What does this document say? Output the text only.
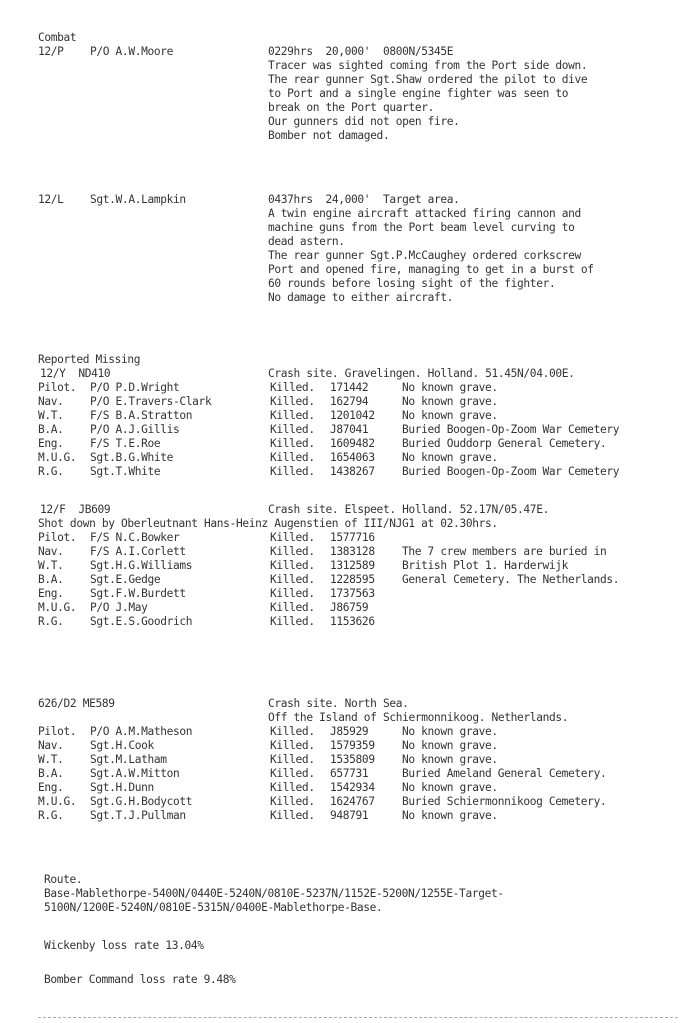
Combat
12/P P/O A.W.Moore	0229hrs  20,000'  0800N/5345E
Tracer was sighted coming from the Port side down.
The rear gunner Sgt.Shaw ordered the pilot to dive
to Port and a single engine fighter was seen to
break on the Port quarter.
Our gunners did not open fire.
Bomber not damaged.
12/L Sgt.W.A.Lampkin	0437hrs  24,000'  Target area.
A twin engine aircraft attacked firing cannon and
machine guns from the Port beam level curving to
dead astern.
The rear gunner Sgt.P.McCaughey ordered corkscrew
Port and opened fire, managing to get in a burst of
60 rounds before losing sight of the fighter.
No damage to either aircraft.
Reported Missing
12/Y  ND410	Crash site. Gravelingen. Holland. 51.45N/04.00E.
Pilot. P/O P.D.Wright	Killed. 171442	No known grave.
Nav. P/O E.Travers-Clark	Killed. 162794	No known grave.
W.T. F/S B.A.Stratton	Killed. 1201042 No known grave.
B.A. P/O A.J.Gillis	Killed. J87041	Buried Boogen-Op-Zoom War Cemetery
Eng. F/S T.E.Roe	Killed. 1609482 Buried Ouddorp General Cemetery.
M.U.G. Sgt.B.G.White	Killed. 1654063 No known grave.
R.G. Sgt.T.White	Killed. 1438267 Buried Boogen-Op-Zoom War Cemetery
12/F  JB609	Crash site. Elspeet. Holland. 52.17N/05.47E.
Shot down by Oberleutnant Hans-Heinz Augenstien of III/NJG1 at 02.30hrs.
Pilot. F/S N.C.Bowker	Killed. 1577716
Nav. F/S A.I.Corlett	Killed. 1383128 The 7 crew members are buried in
W.T. Sgt.H.G.Williams	Killed. 1312589 British Plot 1. Harderwijk
B.A. Sgt.E.Gedge	Killed. 1228595 General Cemetery. The Netherlands.
Eng. Sgt.F.W.Burdett	Killed. 1737563
M.U.G. P/O J.May	Killed. J86759
R.G. Sgt.E.S.Goodrich	Killed. 1153626
626/D2 ME589	Crash site. North Sea.
Off the Island of Schiermonnikoog. Netherlands.
Pilot. P/O A.M.Matheson	Killed. J85929	No known grave.
Nav. Sgt.H.Cook	Killed. 1579359 No known grave.
W.T. Sgt.M.Latham	Killed. 1535809 No known grave.
B.A. Sgt.A.W.Mitton	Killed. 657731	Buried Ameland General Cemetery.
Eng. Sgt.H.Dunn	Killed. 1542934 No known grave.
M.U.G. Sgt.G.H.Bodycott	Killed. 1624767 Buried Schiermonnikoog Cemetery.
R.G. Sgt.T.J.Pullman	Killed. 948791	No known grave.
Route.
Base-Mablethorpe-5400N/0440E-5240N/0810E-5237N/1152E-5200N/1255E-Target-
5100N/1200E-5240N/0810E-5315N/0400E-Mablethorpe-Base.
Wickenby loss rate 13.04%
Bomber Command loss rate 9.48%
